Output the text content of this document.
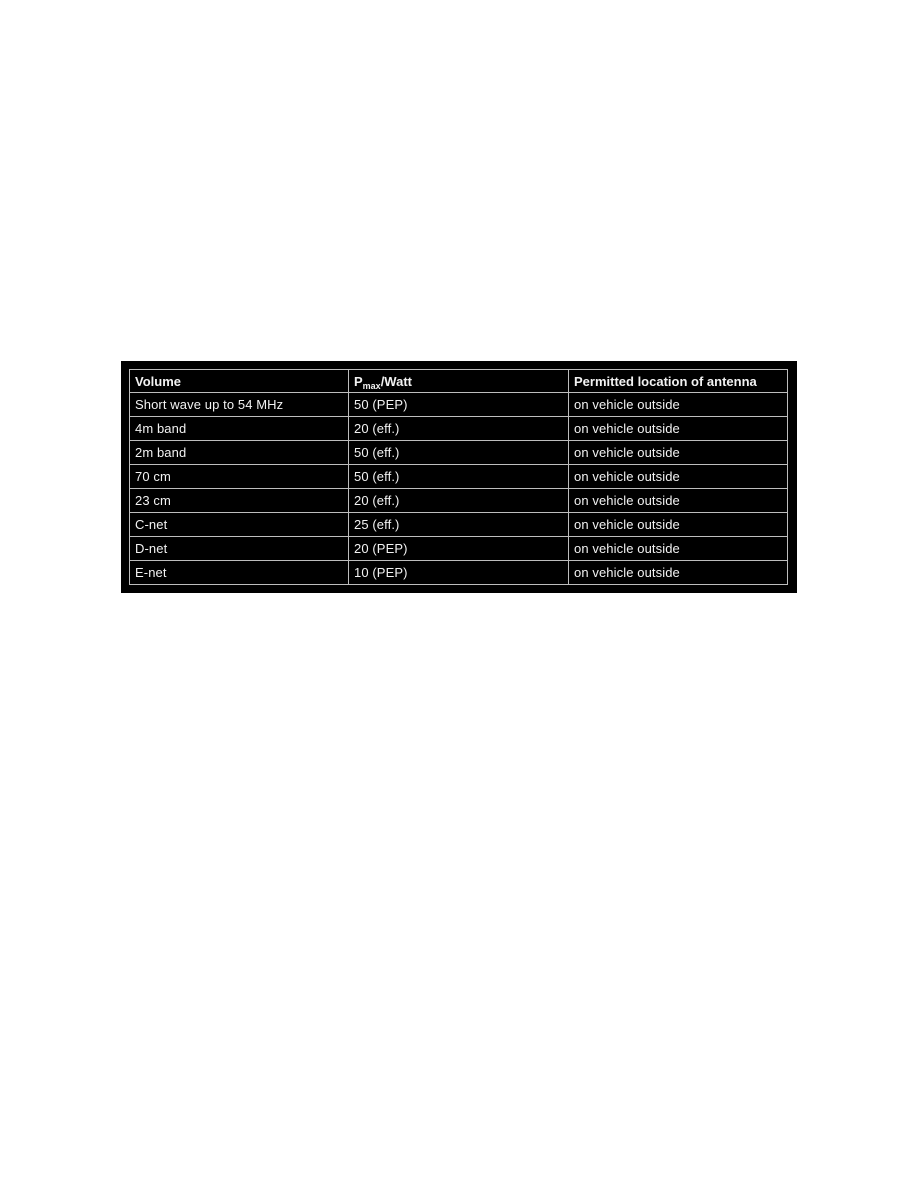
Volume	$P_{max}$/Watt	Permitted location of antenna
Short wave up to 54 MHz	50 (PEP)	on vehicle outside
4m band	20 (eff.)	on vehicle outside
2m band	50 (eff.)	on vehicle outside
70 cm	50 (eff.)	on vehicle outside
23 cm	20 (eff.)	on vehicle outside
C-net	25 (eff.)	on vehicle outside
D-net	20 (PEP)	on vehicle outside
E-net	10 (PEP)	on vehicle outside
